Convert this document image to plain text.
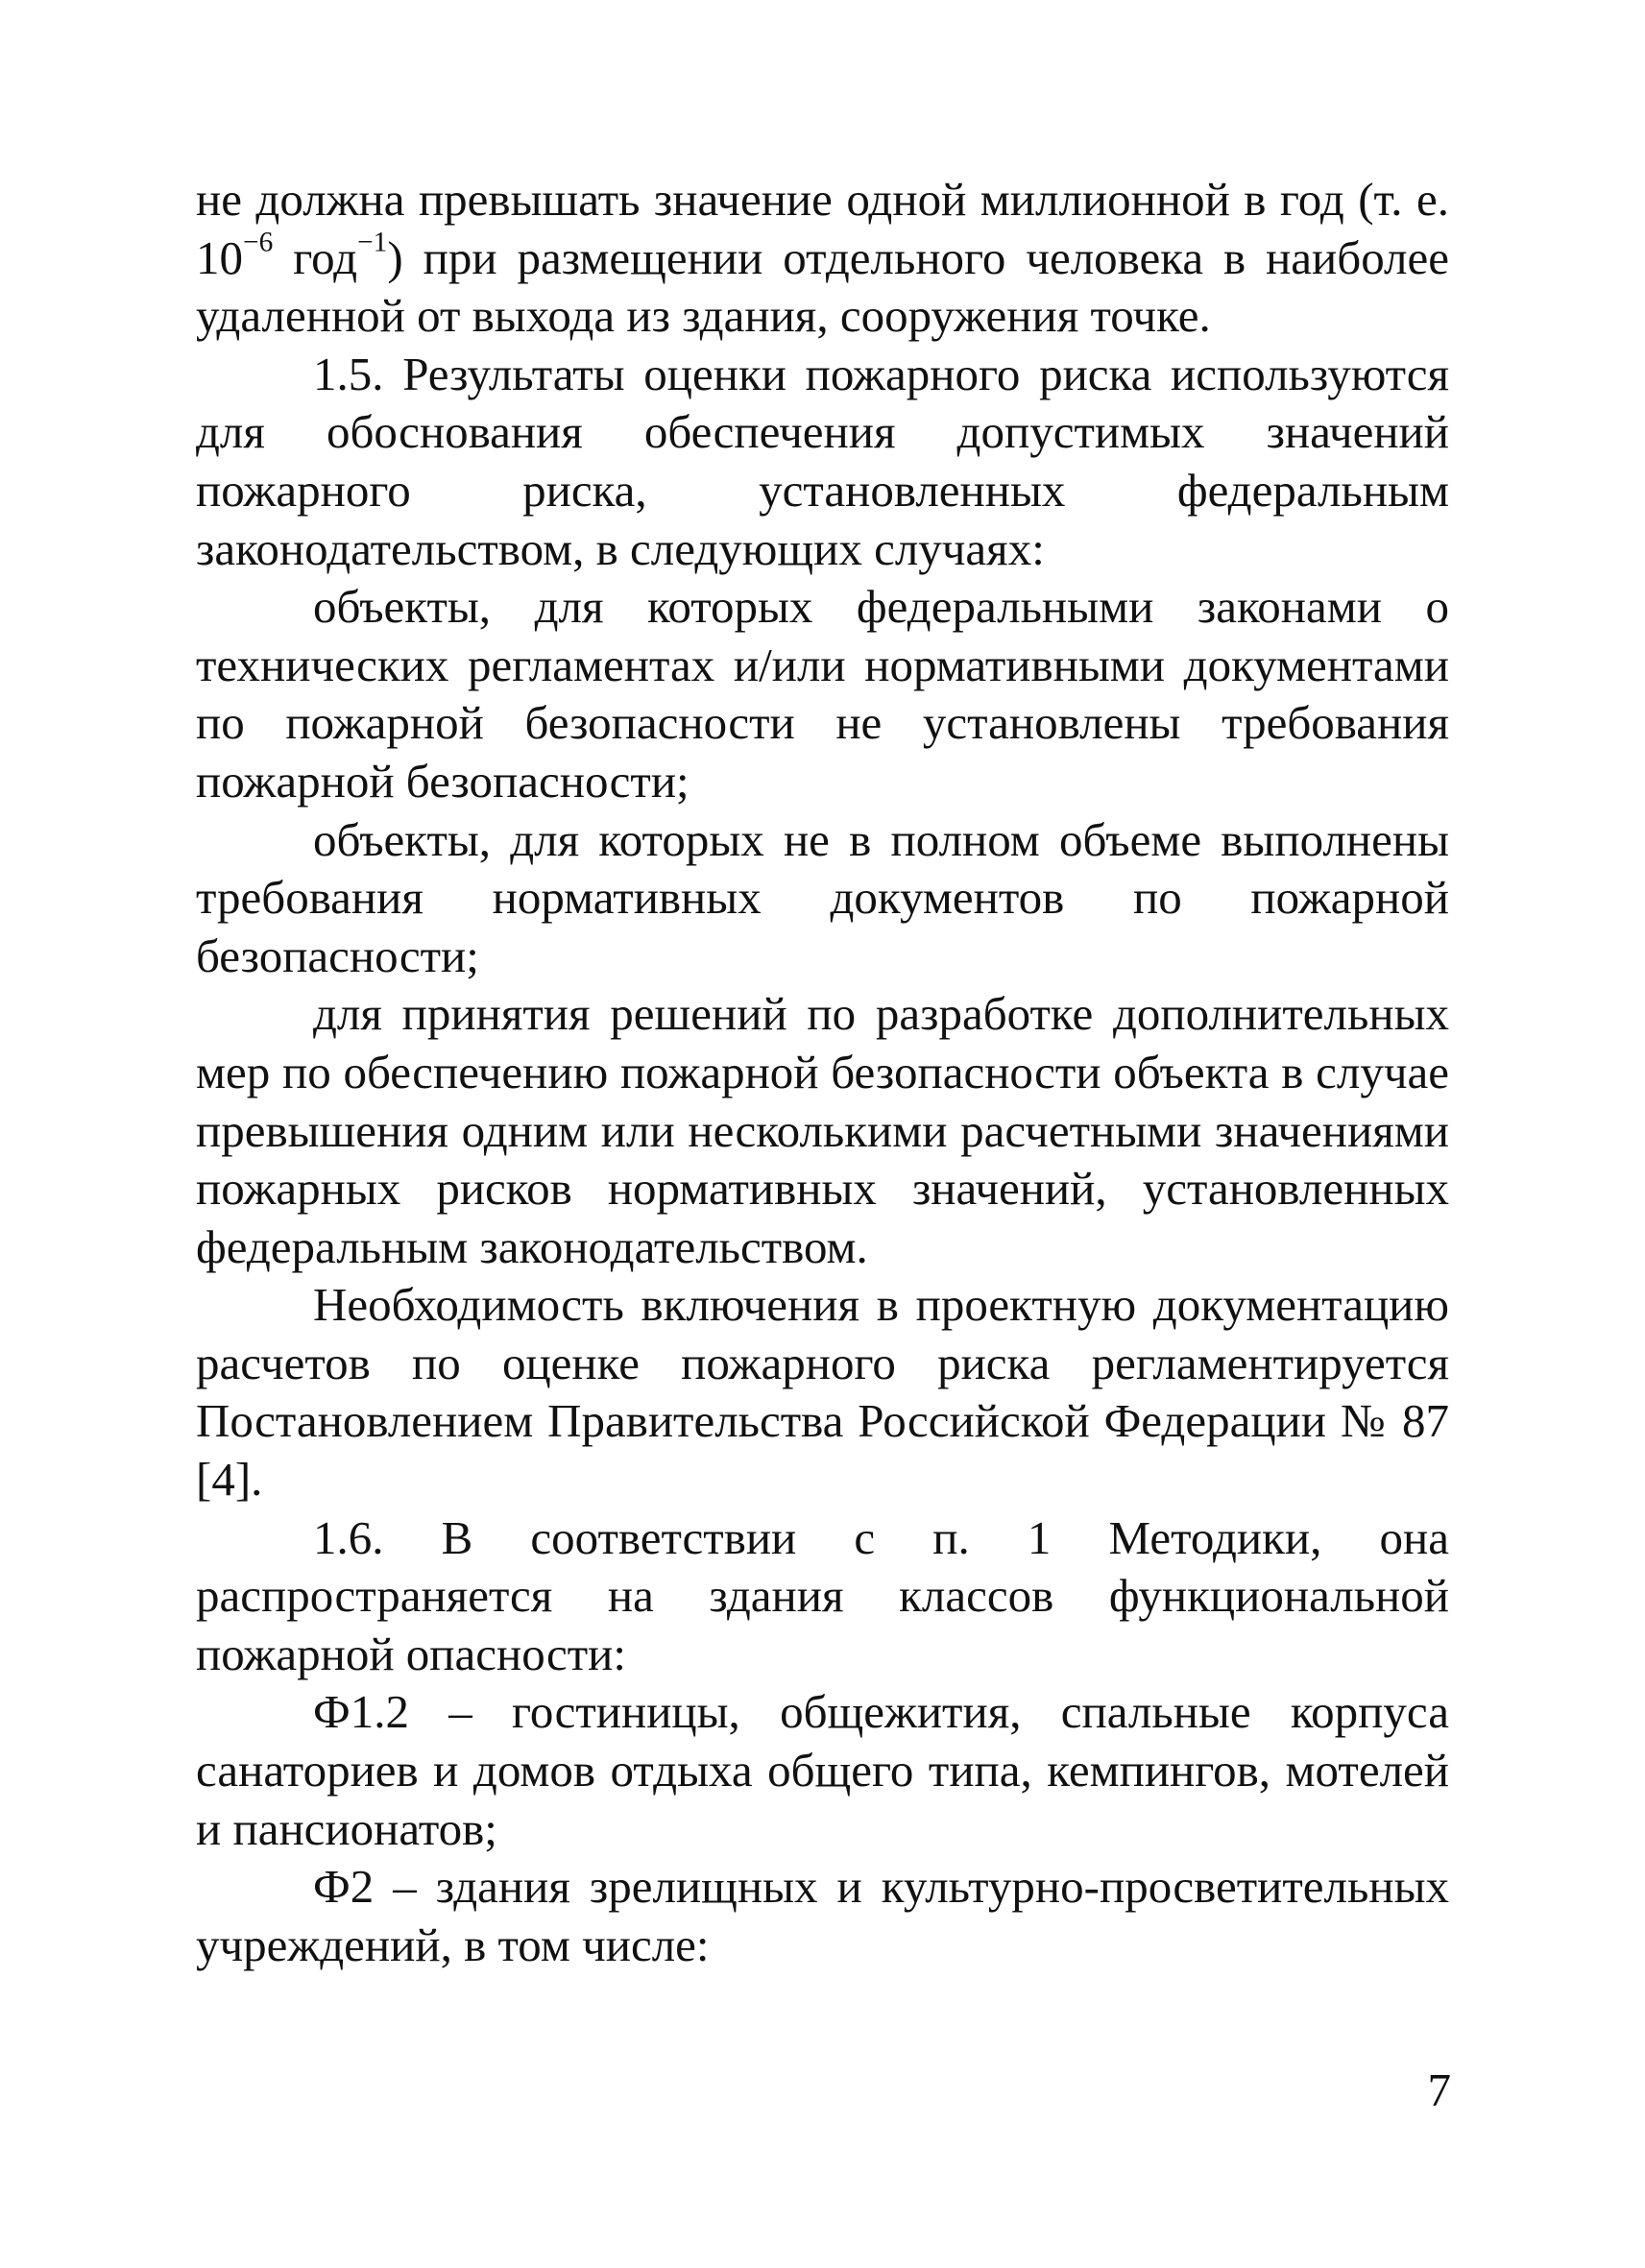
не должна превышать значение одной миллионной в год (т. е. $10^{-6}$ год$^{-1}$) при размещении отдельного человека в наиболее удаленной от выхода из здания, сооружения точке.

1.5. Результаты оценки пожарного риска используются для обоснования обеспечения допустимых значений пожарного риска, установленных федеральным законодательством, в следующих случаях:

объекты, для которых федеральными законами о технических регламентах и/или нормативными документами по пожарной безопасности не установлены требования пожарной безопасности;

объекты, для которых не в полном объеме выполнены требования нормативных документов по пожарной безопасности;

для принятия решений по разработке дополнительных мер по обеспечению пожарной безопасности объекта в случае превышения одним или несколькими расчетными значениями пожарных рисков нормативных значений, установленных федеральным законодательством.

Необходимость включения в проектную документацию расчетов по оценке пожарного риска регламентируется Постановлением Правительства Российской Федерации № 87 [4].

1.6. В соответствии с п. 1 Методики, она распространяется на здания классов функциональной пожарной опасности:

Ф1.2 – гостиницы, общежития, спальные корпуса санаториев и домов отдыха общего типа, кемпингов, мотелей и пансионатов;

Ф2 – здания зрелищных и культурно-просветительных учреждений, в том числе:

7
